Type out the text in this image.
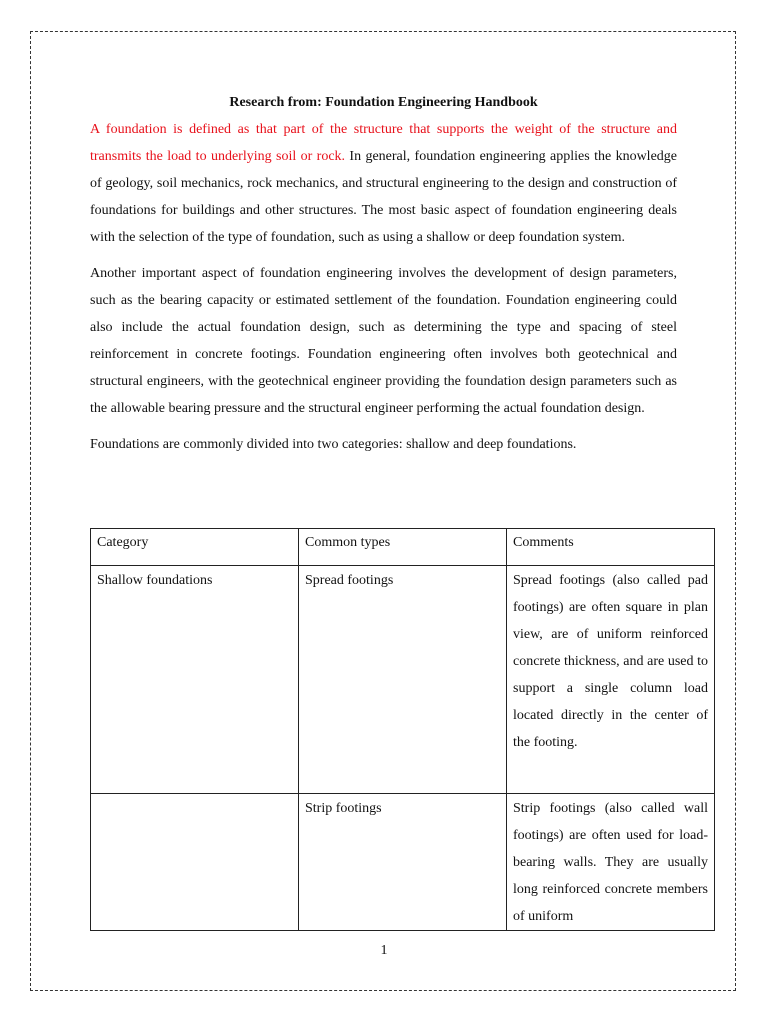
Research from: Foundation Engineering Handbook

A foundation is defined as that part of the structure that supports the weight of the structure and transmits the load to underlying soil or rock. In general, foundation engineering applies the knowledge of geology, soil mechanics, rock mechanics, and structural engineering to the design and construction of foundations for buildings and other structures. The most basic aspect of foundation engineering deals with the selection of the type of foundation, such as using a shallow or deep foundation system.

Another important aspect of foundation engineering involves the development of design parameters, such as the bearing capacity or estimated settlement of the foundation. Foundation engineering could also include the actual foundation design, such as determining the type and spacing of steel reinforcement in concrete footings. Foundation engineering often involves both geotechnical and structural engineers, with the geotechnical engineer providing the foundation design parameters such as the allowable bearing pressure and the structural engineer performing the actual foundation design.

Foundations are commonly divided into two categories: shallow and deep foundations.

Category	Common types	Comments
Shallow foundations	Spread footings	Spread footings (also called pad footings) are often square in plan view, are of uniform reinforced concrete thickness, and are used to support a single column load located directly in the center of the footing.
	Strip footings	Strip footings (also called wall footings) are often used for load-bearing walls. They are usually long reinforced concrete members of uniform
1
